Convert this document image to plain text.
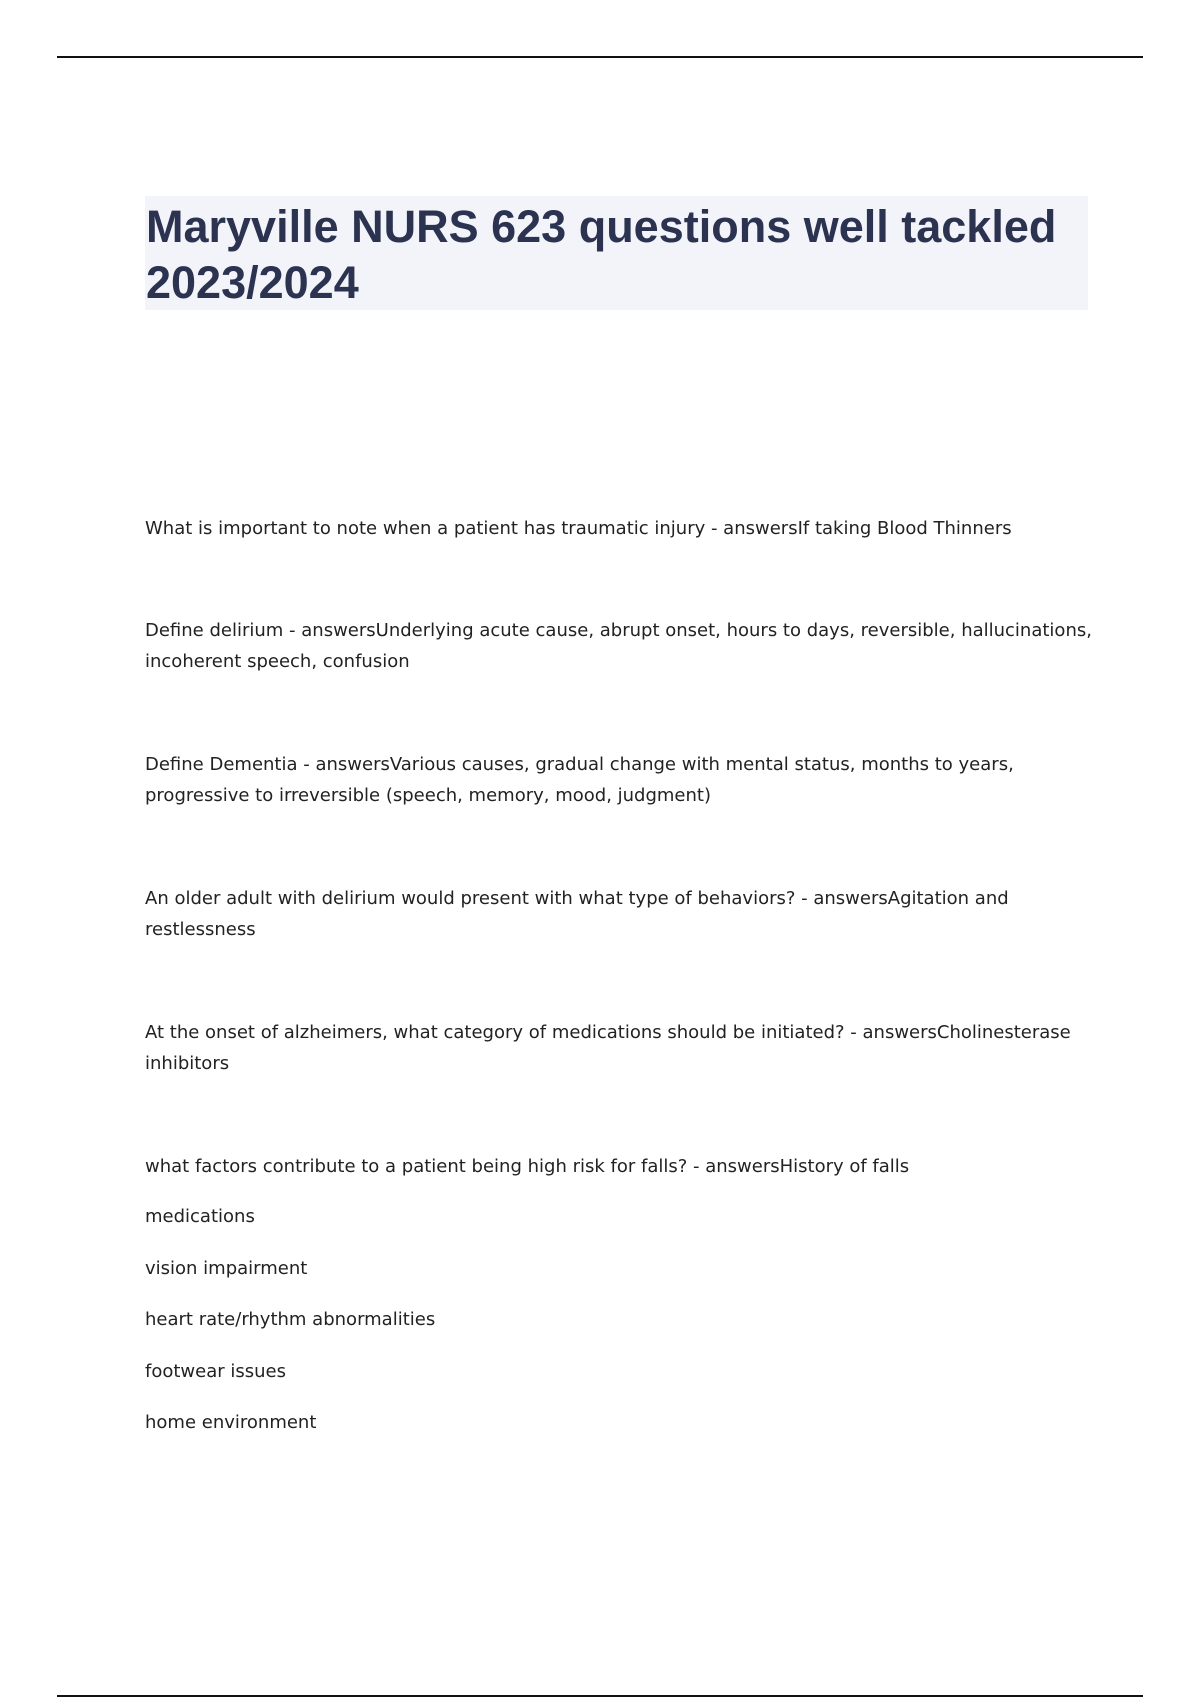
Maryville NURS 623 questions well tackled 2023/2024

What is important to note when a patient has traumatic injury - answersIf taking Blood Thinners

Define delirium - answersUnderlying acute cause, abrupt onset, hours to days, reversible, hallucinations, incoherent speech, confusion

Define Dementia - answersVarious causes, gradual change with mental status, months to years, progressive to irreversible (speech, memory, mood, judgment)

An older adult with delirium would present with what type of behaviors? - answersAgitation and restlessness

At the onset of alzheimers, what category of medications should be initiated? - answersCholinesterase inhibitors

what factors contribute to a patient being high risk for falls? - answersHistory of falls

medications

vision impairment

heart rate/rhythm abnormalities

footwear issues

home environment
